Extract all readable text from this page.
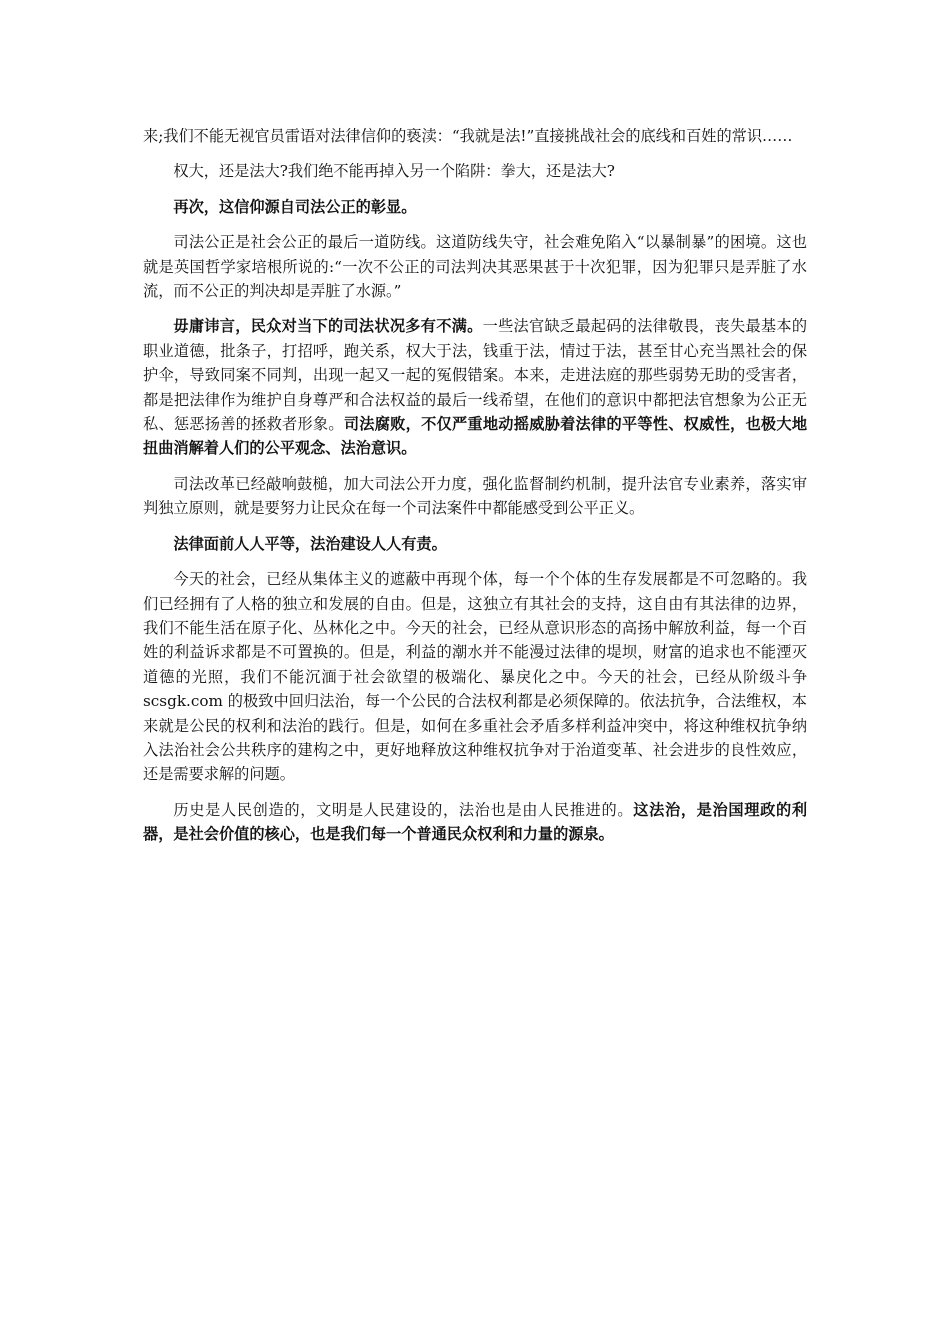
来;我们不能无视官员雷语对法律信仰的亵渎：“我就是法!”直接挑战社会的底线和百姓的常识……

权大，还是法大?我们绝不能再掉入另一个陷阱：拳大，还是法大?

再次，这信仰源自司法公正的彰显。

司法公正是社会公正的最后一道防线。这道防线失守，社会难免陷入“以暴制暴”的困境。这也就是英国哲学家培根所说的:“一次不公正的司法判决其恶果甚于十次犯罪，因为犯罪只是弄脏了水流，而不公正的判决却是弄脏了水源。”

毋庸讳言，民众对当下的司法状况多有不满。一些法官缺乏最起码的法律敬畏，丧失最基本的职业道德，批条子，打招呼，跑关系，权大于法，钱重于法，情过于法，甚至甘心充当黑社会的保护伞，导致同案不同判，出现一起又一起的冤假错案。本来，走进法庭的那些弱势无助的受害者，都是把法律作为维护自身尊严和合法权益的最后一线希望，在他们的意识中都把法官想象为公正无私、惩恶扬善的拯救者形象。司法腐败，不仅严重地动摇威胁着法律的平等性、权威性，也极大地扭曲消解着人们的公平观念、法治意识。

司法改革已经敲响鼓槌，加大司法公开力度，强化监督制约机制，提升法官专业素养，落实审判独立原则，就是要努力让民众在每一个司法案件中都能感受到公平正义。

法律面前人人平等，法治建设人人有责。

今天的社会，已经从集体主义的遮蔽中再现个体，每一个个体的生存发展都是不可忽略的。我们已经拥有了人格的独立和发展的自由。但是，这独立有其社会的支持，这自由有其法律的边界，我们不能生活在原子化、丛林化之中。今天的社会，已经从意识形态的高扬中解放利益，每一个百姓的利益诉求都是不可置换的。但是，利益的潮水并不能漫过法律的堤坝，财富的追求也不能湮灭道德的光照，我们不能沉湎于社会欲望的极端化、暴戾化之中。今天的社会，已经从阶级斗争 scsgk.com 的极致中回归法治，每一个公民的合法权利都是必须保障的。依法抗争，合法维权，本来就是公民的权利和法治的践行。但是，如何在多重社会矛盾多样利益冲突中，将这种维权抗争纳入法治社会公共秩序的建构之中，更好地释放这种维权抗争对于治道变革、社会进步的良性效应，还是需要求解的问题。

历史是人民创造的，文明是人民建设的，法治也是由人民推进的。这法治，是治国理政的利器，是社会价值的核心，也是我们每一个普通民众权利和力量的源泉。
